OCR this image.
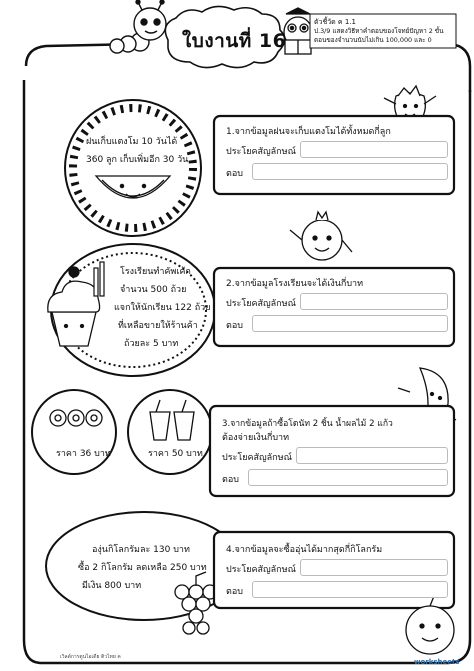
ใบงานที่ 16
ตัวชี้วัด ค 1.1
ป.3/9 แสดงวิธีหาคำตอบของโจทย์ปัญหา 2 ขั้นตอนของจำนวนนับไม่เกิน 100,000 และ 0
ฝนเก็บแตงโม 10 วันได้
360 ลูก เก็บเพิ่มอีก 30 วัน
1.จากข้อมูลฝนจะเก็บแตงโมได้ทั้งหมดกี่ลูก
ประโยคสัญลักษณ์
ตอบ
โรงเรียนทำคัพเค้ก
จำนวน 500 ถ้วย
แจกให้นักเรียน 122 ถ้วย
ที่เหลือขายให้ร้านค้า
ถ้วยละ 5 บาท
2.จากข้อมูลโรงเรียนจะได้เงินกี่บาท
ประโยคสัญลักษณ์
ตอบ
ราคา 36 บาท	ราคา 50 บาท
3.จากข้อมูลถ้าซื้อโดนัท 2 ชิ้น น้ำผลไม้ 2 แก้ว
ต้องจ่ายเงินกี่บาท
ประโยคสัญลักษณ์
ตอบ
องุ่นกิโลกรัมละ 130 บาท
ซื้อ 2 กิโลกรัม ลดเหลือ 250 บาท
มีเงิน 800 บาท
4.จากข้อมูลจะซื้ออุ่นได้มากสุดกี่กิโลกรัม
ประโยคสัญลักษณ์
ตอบ
เวิลด์การตูนไอเดีย ติวไทย ค
worksheets
